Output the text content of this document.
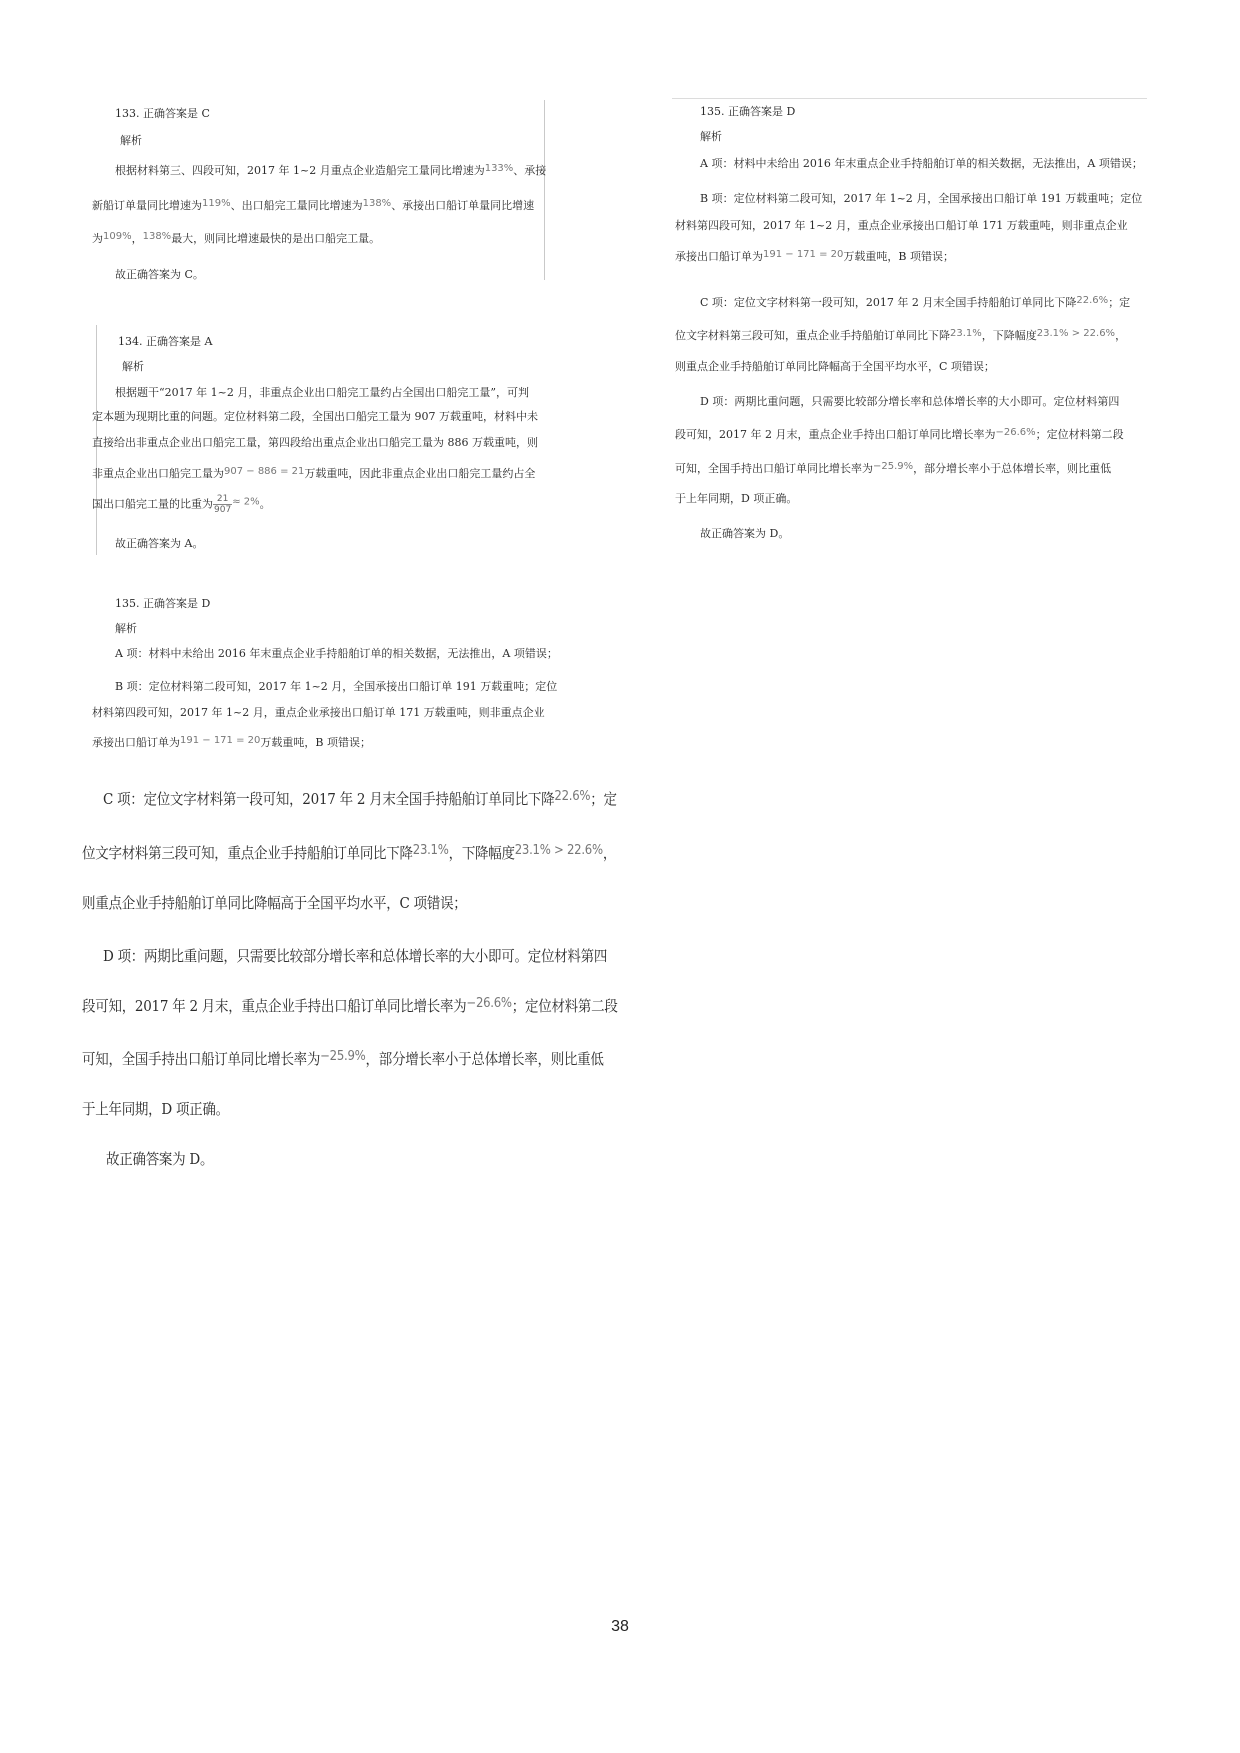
133. 正确答案是 C
解析
根据材料第三、四段可知，2017 年 1~2 月重点企业造船完工量同比增速为133%、承接
新船订单量同比增速为119%、出口船完工量同比增速为138%、承接出口船订单量同比增速
为109%，138%最大，则同比增速最快的是出口船完工量。
故正确答案为 C。
134. 正确答案是 A
解析
根据题干“2017 年 1~2 月，非重点企业出口船完工量约占全国出口船完工量”，可判
定本题为现期比重的问题。定位材料第二段，全国出口船完工量为 907 万载重吨，材料中未
直接给出非重点企业出口船完工量，第四段给出重点企业出口船完工量为 886 万载重吨，则
非重点企业出口船完工量为907 − 886 = 21万载重吨，因此非重点企业出口船完工量约占全
国出口船完工量的比重为 $\frac{21}{907} \approx 2\%$。
故正确答案为 A。
135. 正确答案是 D
解析
A 项：材料中未给出 2016 年末重点企业手持船舶订单的相关数据，无法推出，A 项错误；
B 项：定位材料第二段可知，2017 年 1~2 月，全国承接出口船订单 191 万载重吨；定位
材料第四段可知，2017 年 1~2 月，重点企业承接出口船订单 171 万载重吨，则非重点企业
承接出口船订单为191 − 171 = 20万载重吨，B 项错误；
C 项：定位文字材料第一段可知，2017 年 2 月末全国手持船舶订单同比下降22.6%；定
位文字材料第三段可知，重点企业手持船舶订单同比下降23.1%，下降幅度23.1% > 22.6%，
则重点企业手持船舶订单同比降幅高于全国平均水平，C 项错误；
D 项：两期比重问题，只需要比较部分增长率和总体增长率的大小即可。定位材料第四
段可知，2017 年 2 月末，重点企业手持出口船订单同比增长率为−26.6%；定位材料第二段
可知，全国手持出口船订单同比增长率为−25.9%，部分增长率小于总体增长率，则比重低
于上年同期，D 项正确。
故正确答案为 D。
135. 正确答案是 D
解析
A 项：材料中未给出 2016 年末重点企业手持船舶订单的相关数据，无法推出，A 项错误；
B 项：定位材料第二段可知，2017 年 1~2 月，全国承接出口船订单 191 万载重吨；定位
材料第四段可知，2017 年 1~2 月，重点企业承接出口船订单 171 万载重吨，则非重点企业
承接出口船订单为191 − 171 = 20万载重吨，B 项错误；
C 项：定位文字材料第一段可知，2017 年 2 月末全国手持船舶订单同比下降22.6%；定
位文字材料第三段可知，重点企业手持船舶订单同比下降23.1%，下降幅度23.1% > 22.6%，
则重点企业手持船舶订单同比降幅高于全国平均水平，C 项错误；
D 项：两期比重问题，只需要比较部分增长率和总体增长率的大小即可。定位材料第四
段可知，2017 年 2 月末，重点企业手持出口船订单同比增长率为−26.6%；定位材料第二段
可知，全国手持出口船订单同比增长率为−25.9%，部分增长率小于总体增长率，则比重低
于上年同期，D 项正确。
故正确答案为 D。
38
